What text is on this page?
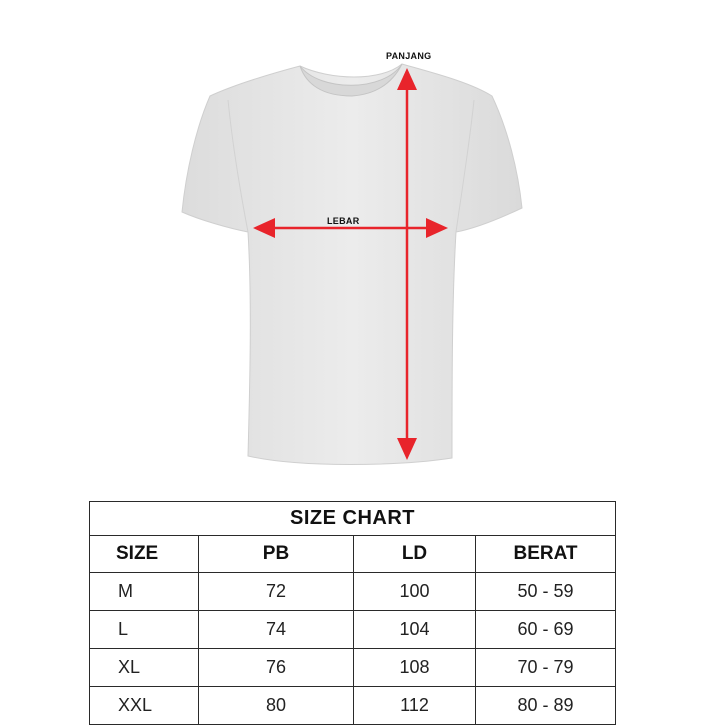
PANJANG
LEBAR
SIZE CHART			
SIZE	PB	LD	BERAT
M	72	100	50 - 59
L	74	104	60 - 69
XL	76	108	70 - 79
XXL	80	112	80 - 89
